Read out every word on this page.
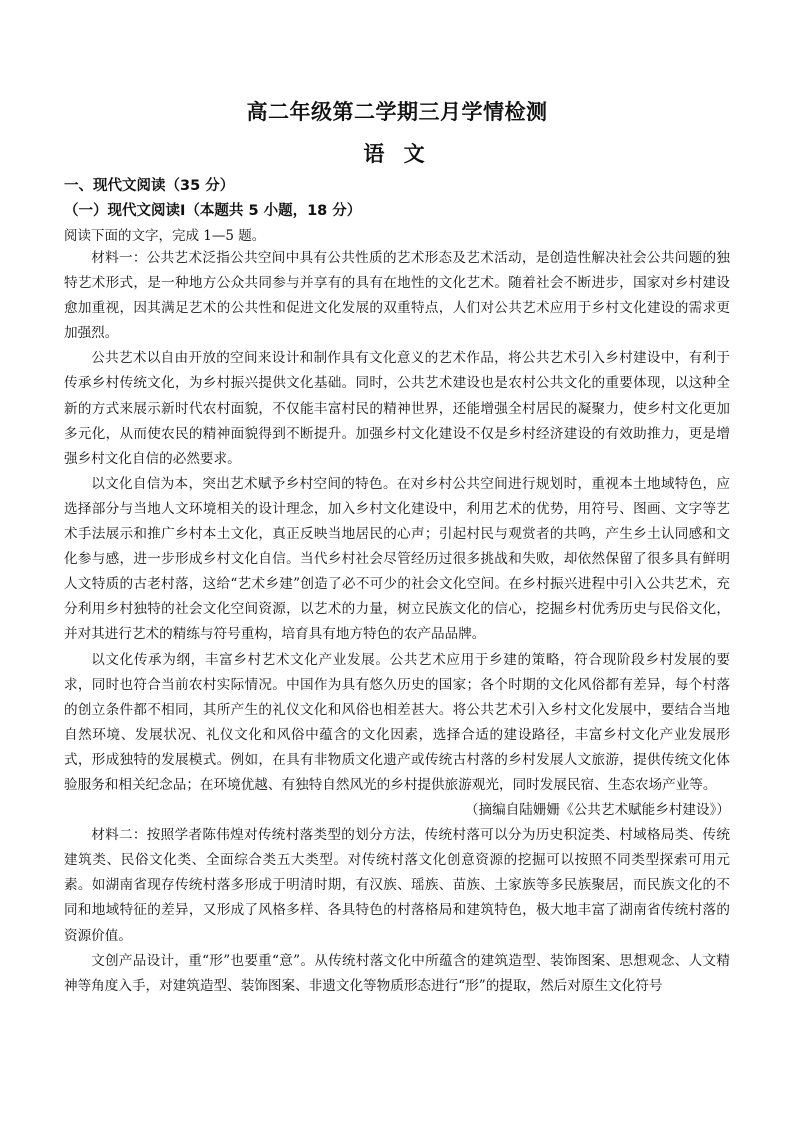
高二年级第二学期三月学情检测
语 文
一、现代文阅读（35 分）
（一）现代文阅读Ⅰ（本题共 5 小题，18 分）
阅读下面的文字，完成 1—5 题。

材料一：公共艺术泛指公共空间中具有公共性质的艺术形态及艺术活动，是创造性解决社会公共问题的独特艺术形式，是一种地方公众共同参与并享有的具有在地性的文化艺术。随着社会不断进步，国家对乡村建设愈加重视，因其满足艺术的公共性和促进文化发展的双重特点，人们对公共艺术应用于乡村文化建设的需求更加强烈。

公共艺术以自由开放的空间来设计和制作具有文化意义的艺术作品，将公共艺术引入乡村建设中，有利于传承乡村传统文化，为乡村振兴提供文化基础。同时，公共艺术建设也是农村公共文化的重要体现，以这种全新的方式来展示新时代农村面貌，不仅能丰富村民的精神世界，还能增强全村居民的凝聚力，使乡村文化更加多元化，从而使农民的精神面貌得到不断提升。加强乡村文化建设不仅是乡村经济建设的有效助推力，更是增强乡村文化自信的必然要求。

以文化自信为本，突出艺术赋予乡村空间的特色。在对乡村公共空间进行规划时，重视本土地域特色，应选择部分与当地人文环境相关的设计理念，加入乡村文化建设中，利用艺术的优势，用符号、图画、文字等艺术手法展示和推广乡村本土文化，真正反映当地居民的心声；引起村民与观赏者的共鸣，产生乡土认同感和文化参与感，进一步形成乡村文化自信。当代乡村社会尽管经历过很多挑战和失败，却依然保留了很多具有鲜明人文特质的古老村落，这给“艺术乡建”创造了必不可少的社会文化空间。在乡村振兴进程中引入公共艺术，充分利用乡村独特的社会文化空间资源，以艺术的力量，树立民族文化的信心，挖掘乡村优秀历史与民俗文化，并对其进行艺术的精练与符号重构，培育具有地方特色的农产品品牌。

以文化传承为纲，丰富乡村艺术文化产业发展。公共艺术应用于乡建的策略，符合现阶段乡村发展的要求，同时也符合当前农村实际情况。中国作为具有悠久历史的国家；各个时期的文化风俗都有差异，每个村落的创立条件都不相同，其所产生的礼仪文化和风俗也相差甚大。将公共艺术引入乡村文化发展中，要结合当地自然环境、发展状况、礼仪文化和风俗中蕴含的文化因素，选择合适的建设路径，丰富乡村文化产业发展形式，形成独特的发展模式。例如，在具有非物质文化遗产或传统古村落的乡村发展人文旅游，提供传统文化体验服务和相关纪念品；在环境优越、有独特自然风光的乡村提供旅游观光，同时发展民宿、生态农场产业等。

（摘编自陆姗姗《公共艺术赋能乡村建设》）

材料二：按照学者陈伟煌对传统村落类型的划分方法，传统村落可以分为历史积淀类、村域格局类、传统建筑类、民俗文化类、全面综合类五大类型。对传统村落文化创意资源的挖掘可以按照不同类型探索可用元素。如湖南省现存传统村落多形成于明清时期，有汉族、瑶族、苗族、土家族等多民族聚居，而民族文化的不同和地域特征的差异，又形成了风格多样、各具特色的村落格局和建筑特色，极大地丰富了湖南省传统村落的资源价值。

文创产品设计，重“形”也要重“意”。从传统村落文化中所蕴含的建筑造型、装饰图案、思想观念、人文精神等角度入手，对建筑造型、装饰图案、非遗文化等物质形态进行“形”的提取，然后对原生文化符号
